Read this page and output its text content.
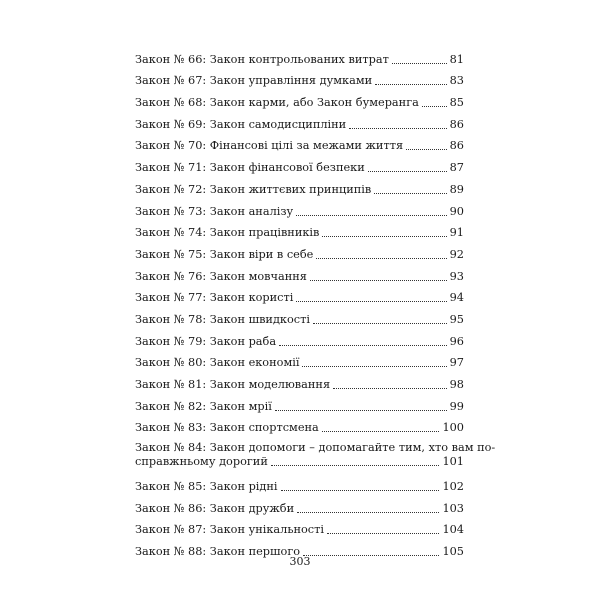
Закон № 66: Закон контрольованих витрат	81
Закон № 67: Закон управління думками	83
Закон № 68: Закон карми, або Закон бумеранга	85
Закон № 69: Закон самодисципліни	86
Закон № 70: Фінансові цілі за межами життя	86
Закон № 71: Закон фінансової безпеки	87
Закон № 72: Закон життєвих принципів	89
Закон № 73: Закон аналізу	90
Закон № 74: Закон працівників	91
Закон № 75: Закон віри в себе	92
Закон № 76: Закон мовчання	93
Закон № 77: Закон користі	94
Закон № 78: Закон швидкості	95
Закон № 79: Закон раба	96
Закон № 80: Закон економії	97
Закон № 81: Закон моделювання	98
Закон № 82: Закон мрії	99
Закон № 83: Закон спортсмена	100
Закон № 84: Закон допомоги – допомагайте тим, хто вам по-
справжньому дорогий	101
Закон № 85: Закон рідні	102
Закон № 86: Закон дружби	103
Закон № 87: Закон унікальності	104
Закон № 88: Закон першого	105
303
